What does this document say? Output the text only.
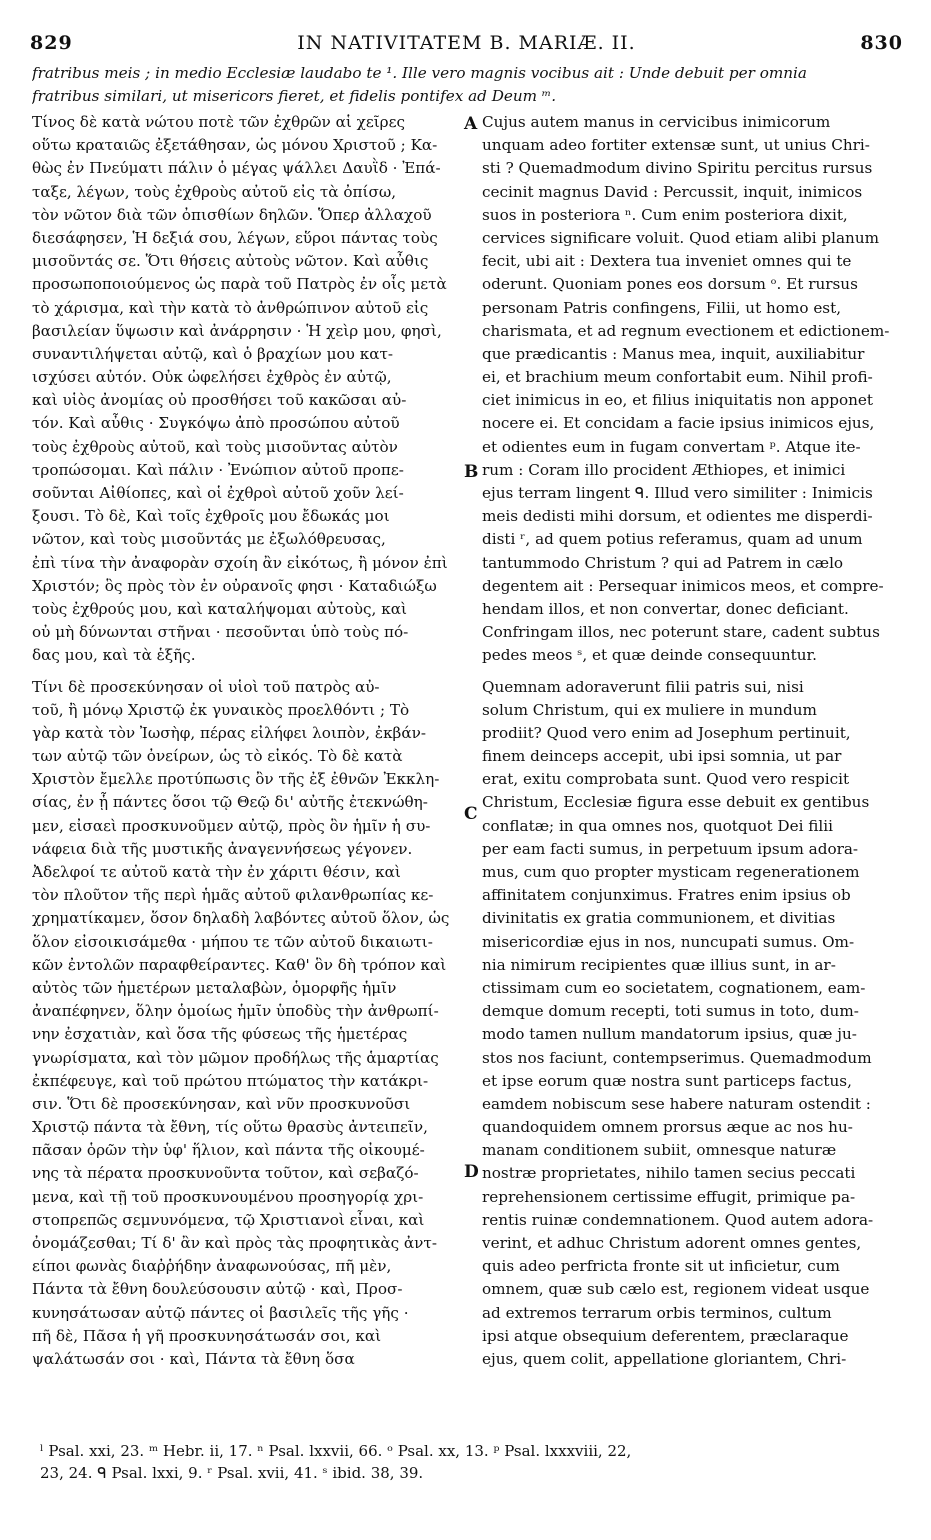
829	IN NATIVITATEM B. MARIÆ. II.	830
fratribus meis ; in medio Ecclesiæ laudabo te ¹. Ille vero magnis vocibus ait : Unde debuit per omnia
fratribus similari, ut misericors fieret, et fidelis pontifex ad Deum ᵐ.
Τίνος δὲ κατὰ νώτου ποτὲ τῶν ἐχθρῶν αἱ χεῖρες
οὕτω κραταιῶς ἐξετάθησαν, ὡς μόνου Χριστοῦ ; Κα-
θὼς ἐν Πνεύματι πάλιν ὁ μέγας ψάλλει Δαυῒδ · Ἐπά-
ταξε, λέγων, τοὺς ἐχθροὺς αὐτοῦ εἰς τὰ ὀπίσω,
τὸν νῶτον διὰ τῶν ὀπισθίων δηλῶν. Ὅπερ ἀλλαχοῦ
διεσάφησεν, Ἡ δεξιά σου, λέγων, εὕροι πάντας τοὺς
μισοῦντάς σε. Ὅτι θήσεις αὐτοὺς νῶτον. Καὶ αὖθις
προσωποποιούμενος ὡς παρὰ τοῦ Πατρὸς ἐν οἷς μετὰ
τὸ χάρισμα, καὶ τὴν κατὰ τὸ ἀνθρώπινον αὐτοῦ εἰς
βασιλείαν ὕψωσιν καὶ ἀνάρρησιν · Ἡ χεὶρ μου, φησὶ,
συναντιλήψεται αὐτῷ, καὶ ὁ βραχίων μου κατ-
ισχύσει αὐτόν. Οὐκ ὠφελήσει ἐχθρὸς ἐν αὐτῷ,
καὶ υἱὸς ἀνομίας οὐ προσθήσει τοῦ κακῶσαι αὐ-
τόν. Καὶ αὖθις · Συγκόψω ἀπὸ προσώπου αὐτοῦ
τοὺς ἐχθροὺς αὐτοῦ, καὶ τοὺς μισοῦντας αὐτὸν
τροπώσομαι. Καὶ πάλιν · Ἐνώπιον αὐτοῦ προπε-
σοῦνται Αἰθίοπες, καὶ οἱ ἐχθροὶ αὐτοῦ χοῦν λεί-
ξουσι. Τὸ δὲ, Καὶ τοῖς ἐχθροῖς μου ἔδωκάς μοι
νῶτον, καὶ τοὺς μισοῦντάς με ἐξωλόθρευσας,
ἐπὶ τίνα τὴν ἀναφορὰν σχοίη ἂν εἰκότως, ἢ μόνον ἐπὶ
Χριστόν; ὃς πρὸς τὸν ἐν οὐρανοῖς φησι · Καταδιώξω
τοὺς ἐχθρούς μου, καὶ καταλήψομαι αὐτοὺς, καὶ
οὐ μὴ δύνωνται στῆναι · πεσοῦνται ὑπὸ τοὺς πό-
δας μου, καὶ τὰ ἑξῆς.
Τίνι δὲ προσεκύνησαν οἱ υἱοὶ τοῦ πατρὸς αὐ-
τοῦ, ἢ μόνῳ Χριστῷ ἐκ γυναικὸς προελθόντι ; Τὸ
γὰρ κατὰ τὸν Ἰωσὴφ, πέρας εἰλήφει λοιπὸν, ἐκβάν-
των αὐτῷ τῶν ὀνείρων, ὡς τὸ εἰκός. Τὸ δὲ κατὰ
Χριστὸν ἔμελλε προτύπωσις ὂν τῆς ἐξ ἐθνῶν Ἐκκλη-
σίας, ἐν ᾗ πάντες ὅσοι τῷ Θεῷ δι' αὐτῆς ἐτεκνώθη-
μεν, εἰσαεὶ προσκυνοῦμεν αὐτῷ, πρὸς ὃν ἡμῖν ἡ συ-
νάφεια διὰ τῆς μυστικῆς ἀναγεννήσεως γέγονεν.
Ἀδελφοί τε αὐτοῦ κατὰ τὴν ἐν χάριτι θέσιν, καὶ
τὸν πλοῦτον τῆς περὶ ἡμᾶς αὐτοῦ φιλανθρωπίας κε-
χρηματίκαμεν, ὅσον δηλαδὴ λαβόντες αὐτοῦ ὅλον, ὡς
ὅλον εἰσοικισάμεθα · μήπου τε τῶν αὐτοῦ δικαιωτι-
κῶν ἐντολῶν παραφθείραντες. Καθ' ὃν δὴ τρόπον καὶ
αὐτὸς τῶν ἡμετέρων μεταλαβὼν, ὁμορφῆς ἡμῖν
ἀναπέφηνεν, ὅλην ὁμοίως ἡμῖν ὑποδὺς τὴν ἀνθρωπί-
νην ἐσχατιὰν, καὶ ὅσα τῆς φύσεως τῆς ἡμετέρας
γνωρίσματα, καὶ τὸν μῶμον προδήλως τῆς ἁμαρτίας
ἐκπέφευγε, καὶ τοῦ πρώτου πτώματος τὴν κατάκρι-
σιν. Ὅτι δὲ προσεκύνησαν, καὶ νῦν προσκυνοῦσι
Χριστῷ πάντα τὰ ἔθνη, τίς οὕτω θρασὺς ἀντειπεῖν,
πᾶσαν ὁρῶν τὴν ὑφ' ἥλιον, καὶ πάντα τῆς οἰκουμέ-
νης τὰ πέρατα προσκυνοῦντα τοῦτον, καὶ σεβαζό-
μενα, καὶ τῇ τοῦ προσκυνουμένου προσηγορίᾳ χρι-
στοπρεπῶς σεμνυνόμενα, τῷ Χριστιανοὶ εἶναι, καὶ
ὀνομάζεσθαι; Τί δ' ἂν καὶ πρὸς τὰς προφητικὰς ἀντ-
είποι φωνὰς διαῤῥήδην ἀναφωνούσας, πῆ μὲν,
Πάντα τὰ ἔθνη δουλεύσουσιν αὐτῷ · καὶ, Προσ-
κυνησάτωσαν αὐτῷ πάντες οἱ βασιλεῖς τῆς γῆς ·
πῆ δὲ, Πᾶσα ἡ γῆ προσκυνησάτωσάν σοι, καὶ
ψαλάτωσάν σοι · καὶ, Πάντα τὰ ἔθνη ὅσα
Cujus autem manus in cervicibus inimicorum
unquam adeo fortiter extensæ sunt, ut unius Chri-
sti ? Quemadmodum divino Spiritu percitus rursus
cecinit magnus David : Percussit, inquit, inimicos
suos in posteriora ⁿ. Cum enim posteriora dixit,
cervices significare voluit. Quod etiam alibi planum
fecit, ubi ait : Dextera tua inveniet omnes qui te
oderunt. Quoniam pones eos dorsum ᵒ. Et rursus
personam Patris confingens, Filii, ut homo est,
charismata, et ad regnum evectionem et edictionem-
que prædicantis : Manus mea, inquit, auxiliabitur
ei, et brachium meum confortabit eum. Nihil profi-
ciet inimicus in eo, et filius iniquitatis non apponet
nocere ei. Et concidam a facie ipsius inimicos ejus,
et odientes eum in fugam convertam ᵖ. Atque ite-
rum : Coram illo procident Æthiopes, et inimici
ejus terram lingent ᑫ. Illud vero similiter : Inimicis
meis dedisti mihi dorsum, et odientes me disperdi-
disti ʳ, ad quem potius referamus, quam ad unum
tantummodo Christum ? qui ad Patrem in cælo
degentem ait : Persequar inimicos meos, et compre-
hendam illos, et non convertar, donec deficiant.
Confringam illos, nec poterunt stare, cadent subtus
pedes meos ˢ, et quæ deinde consequuntur.
Quemnam adoraverunt filii patris sui, nisi
solum Christum, qui ex muliere in mundum
prodiit? Quod vero enim ad Josephum pertinuit,
finem deinceps accepit, ubi ipsi somnia, ut par
erat, exitu comprobata sunt. Quod vero respicit
Christum, Ecclesiæ figura esse debuit ex gentibus
conflatæ; in qua omnes nos, quotquot Dei filii
per eam facti sumus, in perpetuum ipsum adora-
mus, cum quo propter mysticam regenerationem
affinitatem conjunximus. Fratres enim ipsius ob
divinitatis ex gratia communionem, et divitias
misericordiæ ejus in nos, nuncupati sumus. Om-
nia nimirum recipientes quæ illius sunt, in ar-
ctissimam cum eo societatem, cognationem, eam-
demque domum recepti, toti sumus in toto, dum-
modo tamen nullum mandatorum ipsius, quæ ju-
stos nos faciunt, contempserimus. Quemadmodum
et ipse eorum quæ nostra sunt particeps factus,
eamdem nobiscum sese habere naturam ostendit :
quandoquidem omnem prorsus æque ac nos hu-
manam conditionem subiit, omnesque naturæ
nostræ proprietates, nihilo tamen secius peccati
reprehensionem certissime effugit, primique pa-
rentis ruinæ condemnationem. Quod autem adora-
verint, et adhuc Christum adorent omnes gentes,
quis adeo perfricta fronte sit ut inficietur, cum
omnem, quæ sub cælo est, regionem videat usque
ad extremos terrarum orbis terminos, cultum
ipsi atque obsequium deferentem, præclaraque
ejus, quem colit, appellatione gloriantem, Chri-
A
B
C
D
ˡ Psal. xxi, 23. ᵐ Hebr. ii, 17. ⁿ Psal. lxxvii, 66. ᵒ Psal. xx, 13. ᵖ Psal. lxxxviii, 22,
23, 24. ᑫ Psal. lxxi, 9. ʳ Psal. xvii, 41. ˢ ibid. 38, 39.
